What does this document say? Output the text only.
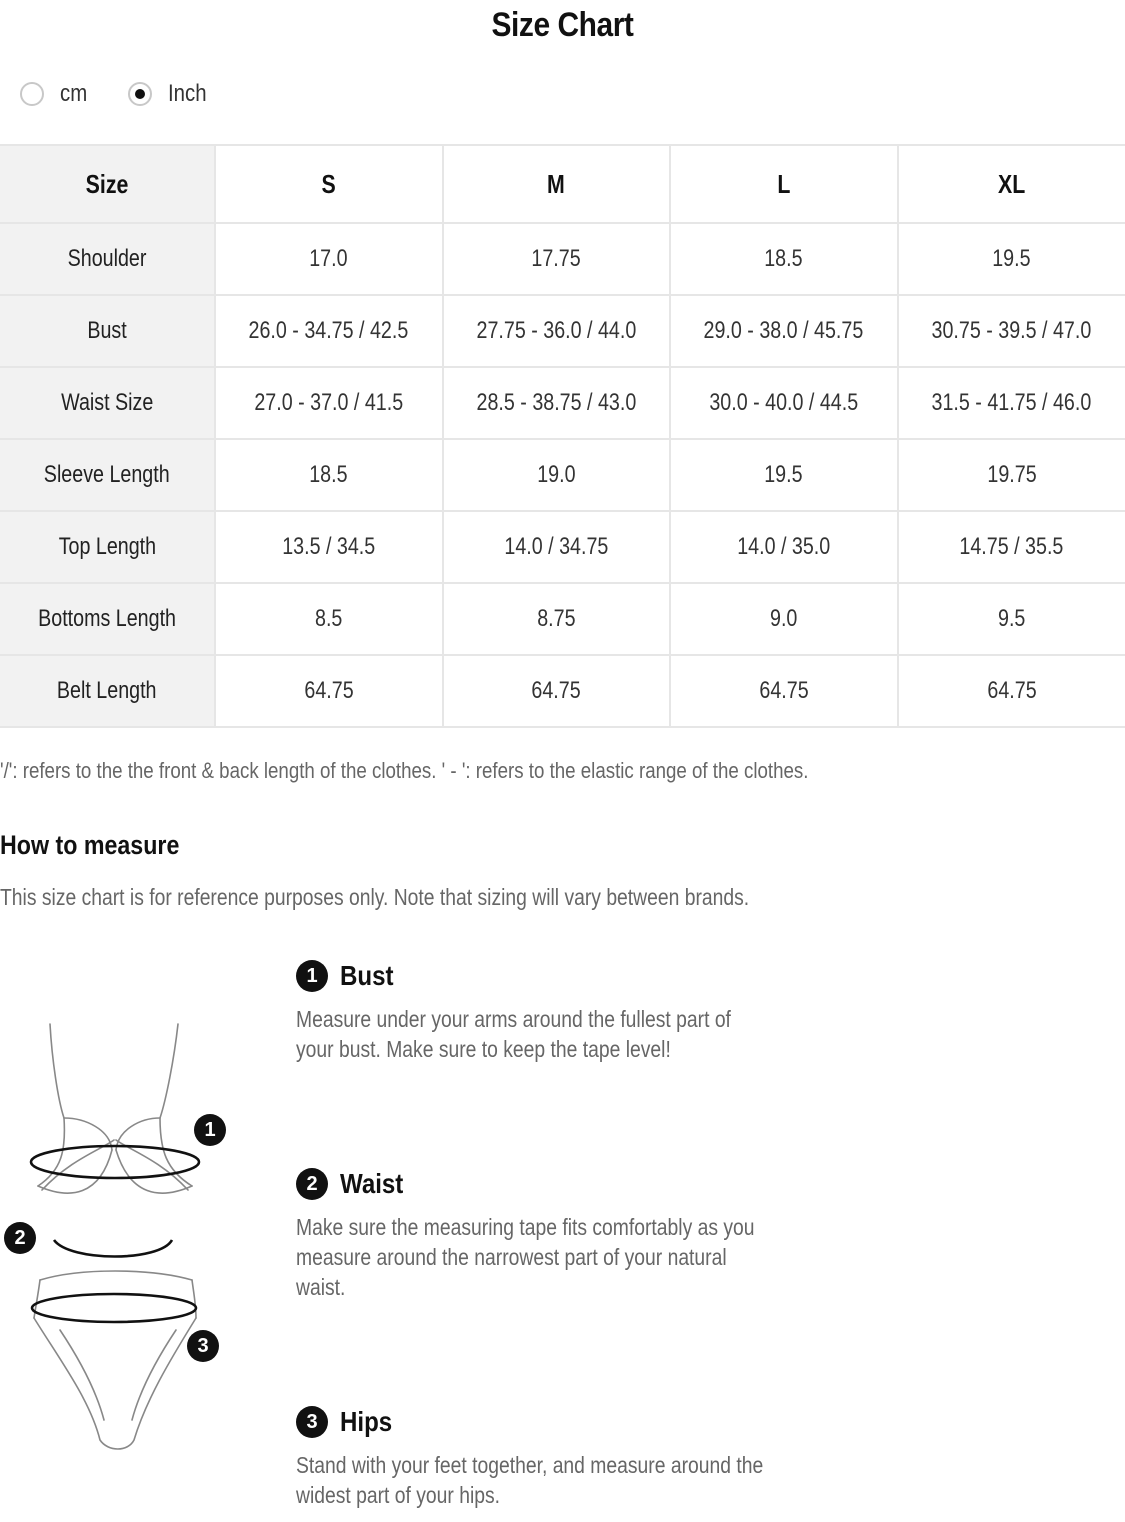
Size Chart
cm	Inch
Size	S	M	L	XL
Shoulder	17.0	17.75	18.5	19.5
Bust	26.0 - 34.75 / 42.5	27.75 - 36.0 / 44.0	29.0 - 38.0 / 45.75	30.75 - 39.5 / 47.0
Waist Size	27.0 - 37.0 / 41.5	28.5 - 38.75 / 43.0	30.0 - 40.0 / 44.5	31.5 - 41.75 / 46.0
Sleeve Length	18.5	19.0	19.5	19.75
Top Length	13.5 / 34.5	14.0 / 34.75	14.0 / 35.0	14.75 / 35.5
Bottoms Length	8.5	8.75	9.0	9.5
Belt Length	64.75	64.75	64.75	64.75
'/': refers to the the front & back length of the clothes. ' - ': refers to the elastic range of the clothes.
How to measure
This size chart is for reference purposes only. Note that sizing will vary between brands.
1
2
3
1 Bust
Measure under your arms around the fullest part of your bust. Make sure to keep the tape level!
2 Waist
Make sure the measuring tape fits comfortably as you measure around the narrowest part of your natural waist.
3 Hips
Stand with your feet together, and measure around the widest part of your hips.
